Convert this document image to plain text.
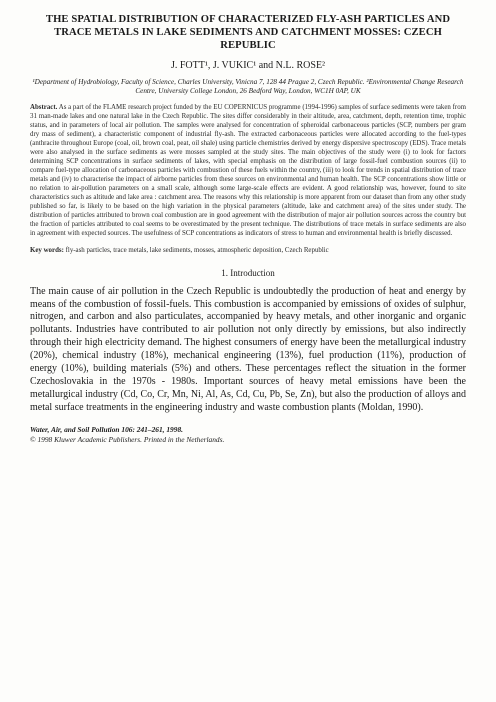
THE SPATIAL DISTRIBUTION OF CHARACTERIZED FLY-ASH PARTICLES AND TRACE METALS IN LAKE SEDIMENTS AND CATCHMENT MOSSES: CZECH REPUBLIC
J. FOTT¹, J. VUKIC¹ and N.L. ROSE²
¹Department of Hydrobiology, Faculty of Science, Charles University, Vinicna 7, 128 44 Prague 2, Czech Republic. ²Environmental Change Research Centre, University College London, 26 Bedford Way, London, WC1H 0AP, UK
Abstract. As a part of the FLAME research project funded by the EU COPERNICUS programme (1994-1996) samples of surface sediments were taken from 31 man-made lakes and one natural lake in the Czech Republic. The sites differ considerably in their altitude, area, catchment, depth, retention time, trophic status, and in parameters of local air pollution. The samples were analysed for concentration of spheroidal carbonaceous particles (SCP, numbers per gram dry mass of sediment), a characteristic component of industrial fly-ash. The extracted carbonaceous particles were allocated according to the fuel-types (anthracite throughout Europe (coal, oil, brown coal, peat, oil shale) using particle chemistries derived by energy dispersive spectroscopy (EDS). Trace metals were also analysed in the surface sediments as were mosses sampled at the study sites. The main objectives of the study were (i) to look for factors determining SCP concentrations in surface sediments of lakes, with special emphasis on the distribution of large fossil-fuel combustion sources (ii) to compare fuel-type allocation of carbonaceous particles with combustion of these fuels within the country, (iii) to look for trends in spatial distribution of trace metals and (iv) to characterise the impact of airborne particles from these sources on environmental and human health. The SCP concentrations show little or no relation to air-pollution parameters on a small scale, although some large-scale effects are evident. A good relationship was, however, found to site characteristics such as altitude and lake area : catchment area. The reasons why this relationship is more apparent from our dataset than from any other study published so far, is likely to be based on the high variation in the physical parameters (altitude, lake and catchment area) of the sites under study. The distribution of particles attributed to brown coal combustion are in good agreement with the distribution of major air pollution sources across the country but the fraction of particles attributed to coal seems to be overestimated by the present technique. The distributions of trace metals in surface sediments are also in agreement with expected sources. The usefulness of SCP concentrations as indicators of stress to human and environmental health is briefly discussed.
Key words: fly-ash particles, trace metals, lake sediments, mosses, atmospheric deposition, Czech Republic
1. Introduction
The main cause of air pollution in the Czech Republic is undoubtedly the production of heat and energy by means of the combustion of fossil-fuels. This combustion is accompanied by emissions of oxides of sulphur, nitrogen, and carbon and also particulates, accompanied by heavy metals, and other inorganic and organic pollutants. Industries have contributed to air pollution not only directly by emissions, but also indirectly through their high electricity demand. The highest consumers of energy have been the metallurgical industry (20%), chemical industry (18%), mechanical engineering (13%), fuel production (11%), production of energy (10%), building materials (5%) and others. These percentages reflect the situation in the former Czechoslovakia in the 1970s - 1980s. Important sources of heavy metal emissions have been the metallurgical industry (Cd, Co, Cr, Mn, Ni, Al, As, Cd, Cu, Pb, Se, Zn), but also the production of alloys and metal surface treatments in the engineering industry and waste combustion plants (Moldan, 1990).
Water, Air, and Soil Pollution 106: 241–261, 1998.
© 1998 Kluwer Academic Publishers. Printed in the Netherlands.
